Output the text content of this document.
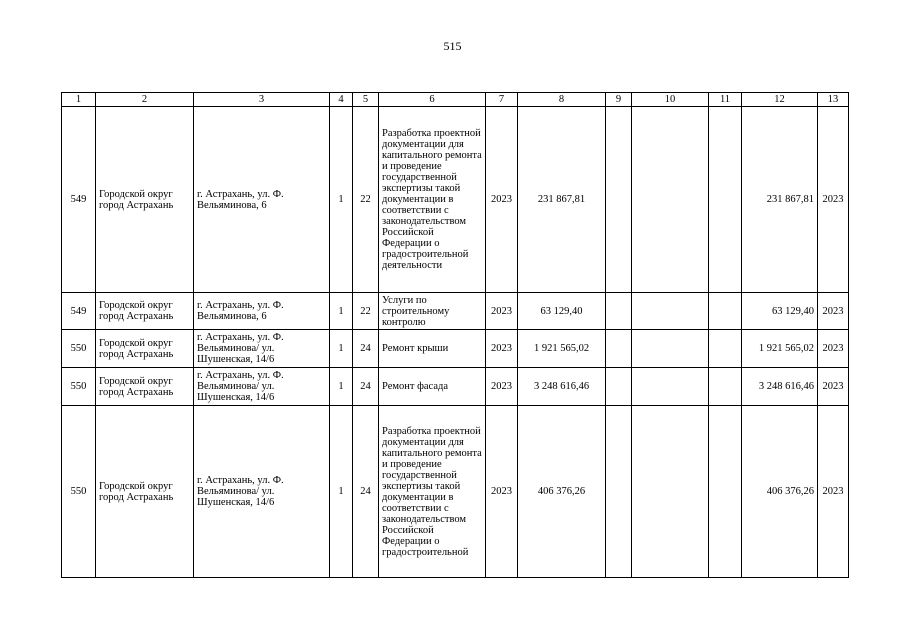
515
1	2	3	4	5	6	7	8	9	10	11	12	13
549	Городской округ город Астрахань	г. Астрахань, ул. Ф. Вельяминова, 6	1	22	Разработка проектной документации для капитального ремонта и проведение государственной экспертизы такой документации в соответствии с законодательством Российской Федерации о градостроительной деятельности	2023	231 867,81				231 867,81	2023
549	Городской округ город Астрахань	г. Астрахань, ул. Ф. Вельяминова, 6	1	22	Услуги по строительному контролю	2023	63 129,40				63 129,40	2023
550	Городской округ город Астрахань	г. Астрахань, ул. Ф. Вельяминова/ ул. Шушенская, 14/6	1	24	Ремонт крыши	2023	1 921 565,02				1 921 565,02	2023
550	Городской округ город Астрахань	г. Астрахань, ул. Ф. Вельяминова/ ул. Шушенская, 14/6	1	24	Ремонт фасада	2023	3 248 616,46				3 248 616,46	2023
550	Городской округ город Астрахань	г. Астрахань, ул. Ф. Вельяминова/ ул. Шушенская, 14/6	1	24	Разработка проектной документации для капитального ремонта и проведение государственной экспертизы такой документации в соответствии с законодательством Российской Федерации о градостроительной	2023	406 376,26				406 376,26	2023
